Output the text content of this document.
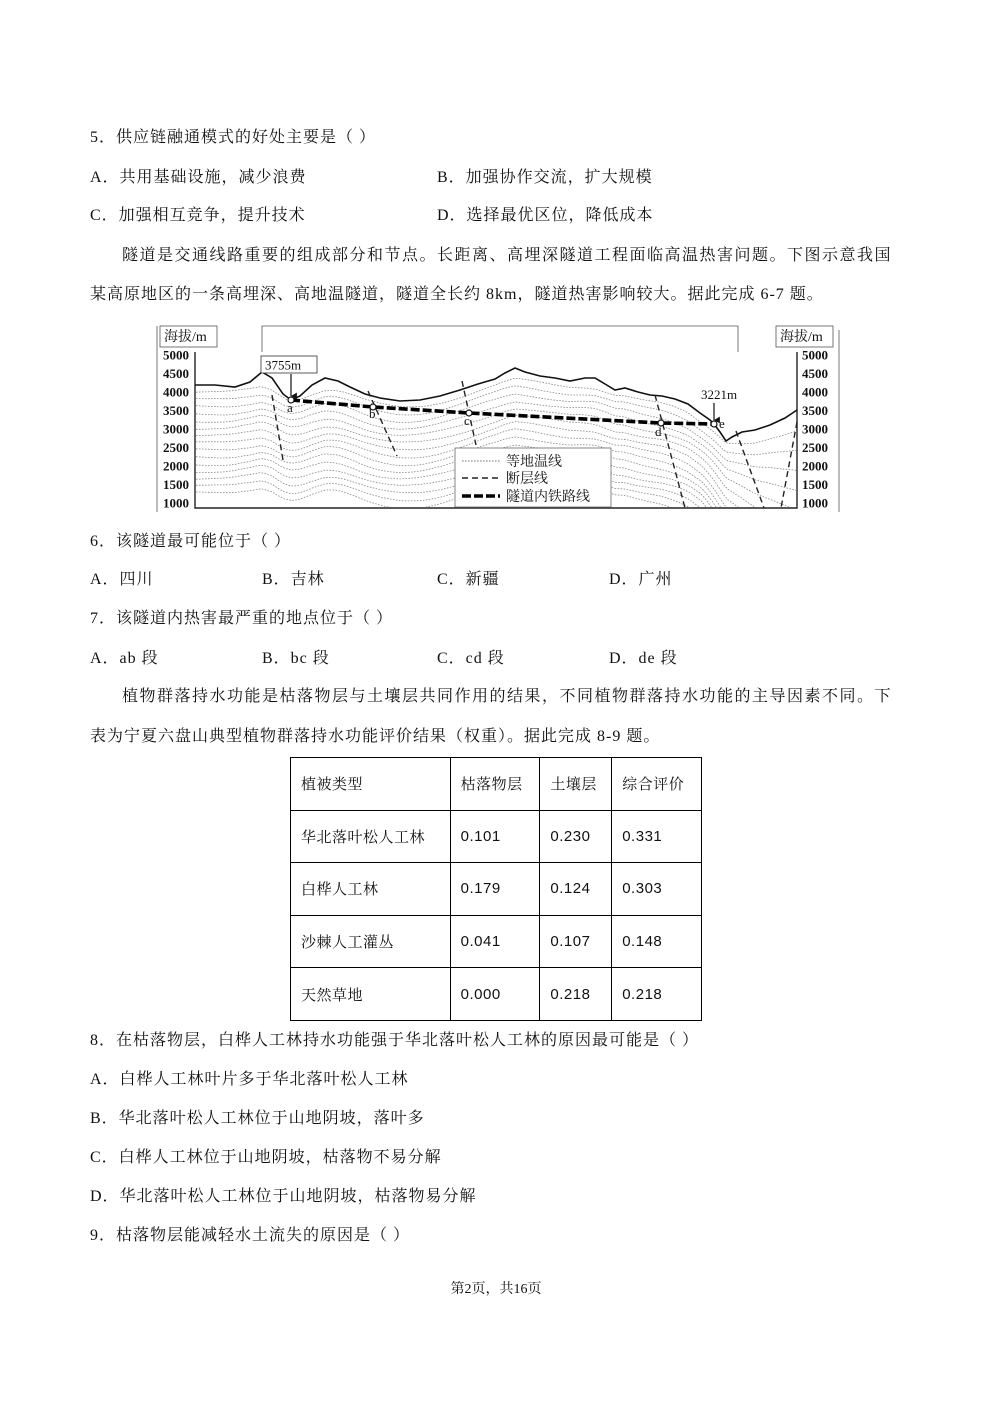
5．供应链融通模式的好处主要是（ ）
A．共用基础设施，减少浪费	B．加强协作交流，扩大规模
C．加强相互竞争，提升技术	D．选择最优区位，降低成本
隧道是交通线路重要的组成部分和节点。长距离、高埋深隧道工程面临高温热害问题。下图示意我国
某高原地区的一条高埋深、高地温隧道，隧道全长约 8km，隧道热害影响较大。据此完成 6-7 题。
海拔/m	海拔/m
5000
4500
4000
3500
3000
2500
2000
1500
1000
5000
4500
4000
3500
3000
2500
2000
1500
1000
a	b	c
d
e
3755m
3221m
等地温线
断层线
隧道内铁路线
6．该隧道最可能位于（ ）
A．四川	B．吉林	C．新疆	D．广州
7．该隧道内热害最严重的地点位于（ ）
A．ab 段	B．bc 段	C．cd 段	D．de 段
植物群落持水功能是枯落物层与土壤层共同作用的结果，不同植物群落持水功能的主导因素不同。下
表为宁夏六盘山典型植物群落持水功能评价结果（权重）。据此完成 8-9 题。
植被类型	枯落物层	土壤层	综合评价
华北落叶松人工林	0.101	0.230	0.331
白桦人工林	0.179	0.124	0.303
沙棘人工灌丛	0.041	0.107	0.148
天然草地	0.000	0.218	0.218
8．在枯落物层，白桦人工林持水功能强于华北落叶松人工林的原因最可能是（ ）
A．白桦人工林叶片多于华北落叶松人工林
B．华北落叶松人工林位于山地阴坡，落叶多
C．白桦人工林位于山地阴坡，枯落物不易分解
D．华北落叶松人工林位于山地阴坡，枯落物易分解
9．枯落物层能减轻水土流失的原因是（ ）
第2页，共16页
